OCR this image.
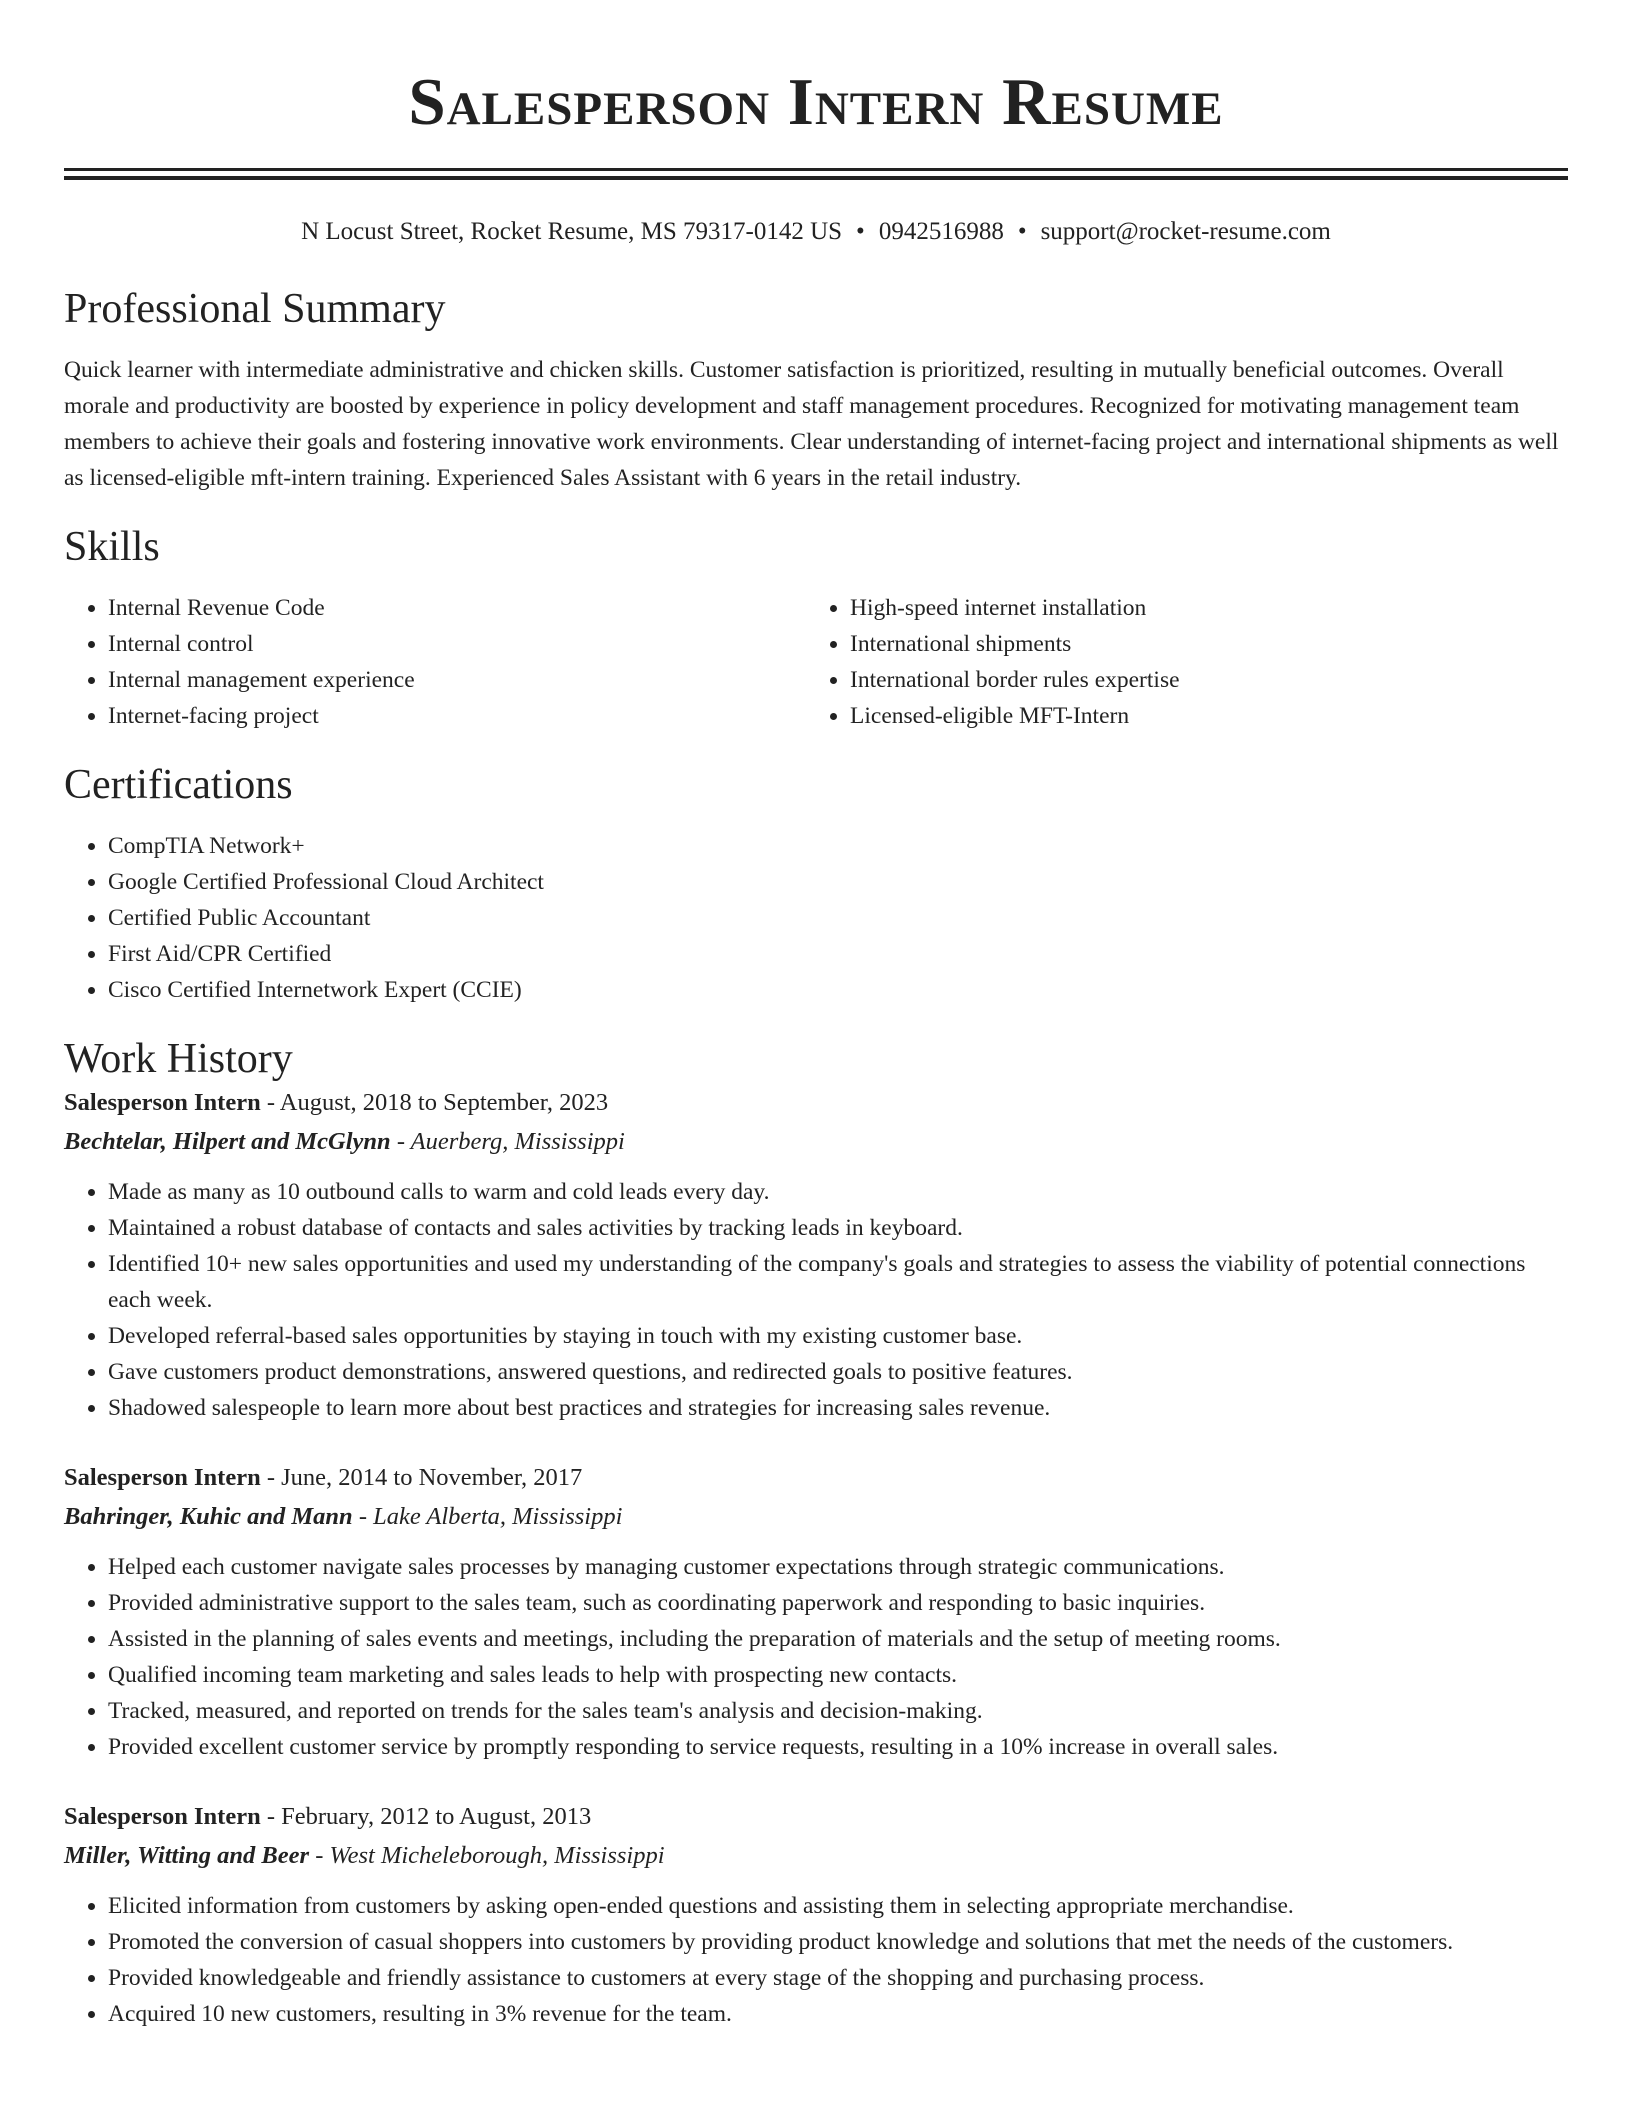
Salesperson Intern Resume
N Locust Street, Rocket Resume, MS 79317-0142 US • 0942516988 • support@rocket-resume.com
Professional Summary

Quick learner with intermediate administrative and chicken skills. Customer satisfaction is prioritized, resulting in mutually beneficial outcomes. Overall morale and productivity are boosted by experience in policy development and staff management procedures. Recognized for motivating management team members to achieve their goals and fostering innovative work environments. Clear understanding of internet-facing project and international shipments as well as licensed-eligible mft-intern training. Experienced Sales Assistant with 6 years in the retail industry.

Skills
• Internal Revenue Code
• Internal control
• Internal management experience
• Internet-facing project
• High-speed internet installation
• International shipments
• International border rules expertise
• Licensed-eligible MFT-Intern
Certifications
• CompTIA Network+
• Google Certified Professional Cloud Architect
• Certified Public Accountant
• First Aid/CPR Certified
• Cisco Certified Internetwork Expert (CCIE)
Work History
Salesperson Intern - August, 2018 to September, 2023
Bechtelar, Hilpert and McGlynn - Auerberg, Mississippi
• Made as many as 10 outbound calls to warm and cold leads every day.
• Maintained a robust database of contacts and sales activities by tracking leads in keyboard.
• Identified 10+ new sales opportunities and used my understanding of the company's goals and strategies to assess the viability of potential connections each week.
• Developed referral-based sales opportunities by staying in touch with my existing customer base.
• Gave customers product demonstrations, answered questions, and redirected goals to positive features.
• Shadowed salespeople to learn more about best practices and strategies for increasing sales revenue.
Salesperson Intern - June, 2014 to November, 2017
Bahringer, Kuhic and Mann - Lake Alberta, Mississippi
• Helped each customer navigate sales processes by managing customer expectations through strategic communications.
• Provided administrative support to the sales team, such as coordinating paperwork and responding to basic inquiries.
• Assisted in the planning of sales events and meetings, including the preparation of materials and the setup of meeting rooms.
• Qualified incoming team marketing and sales leads to help with prospecting new contacts.
• Tracked, measured, and reported on trends for the sales team's analysis and decision-making.
• Provided excellent customer service by promptly responding to service requests, resulting in a 10% increase in overall sales.
Salesperson Intern - February, 2012 to August, 2013
Miller, Witting and Beer - West Micheleborough, Mississippi
• Elicited information from customers by asking open-ended questions and assisting them in selecting appropriate merchandise.
• Promoted the conversion of casual shoppers into customers by providing product knowledge and solutions that met the needs of the customers.
• Provided knowledgeable and friendly assistance to customers at every stage of the shopping and purchasing process.
• Acquired 10 new customers, resulting in 3% revenue for the team.
